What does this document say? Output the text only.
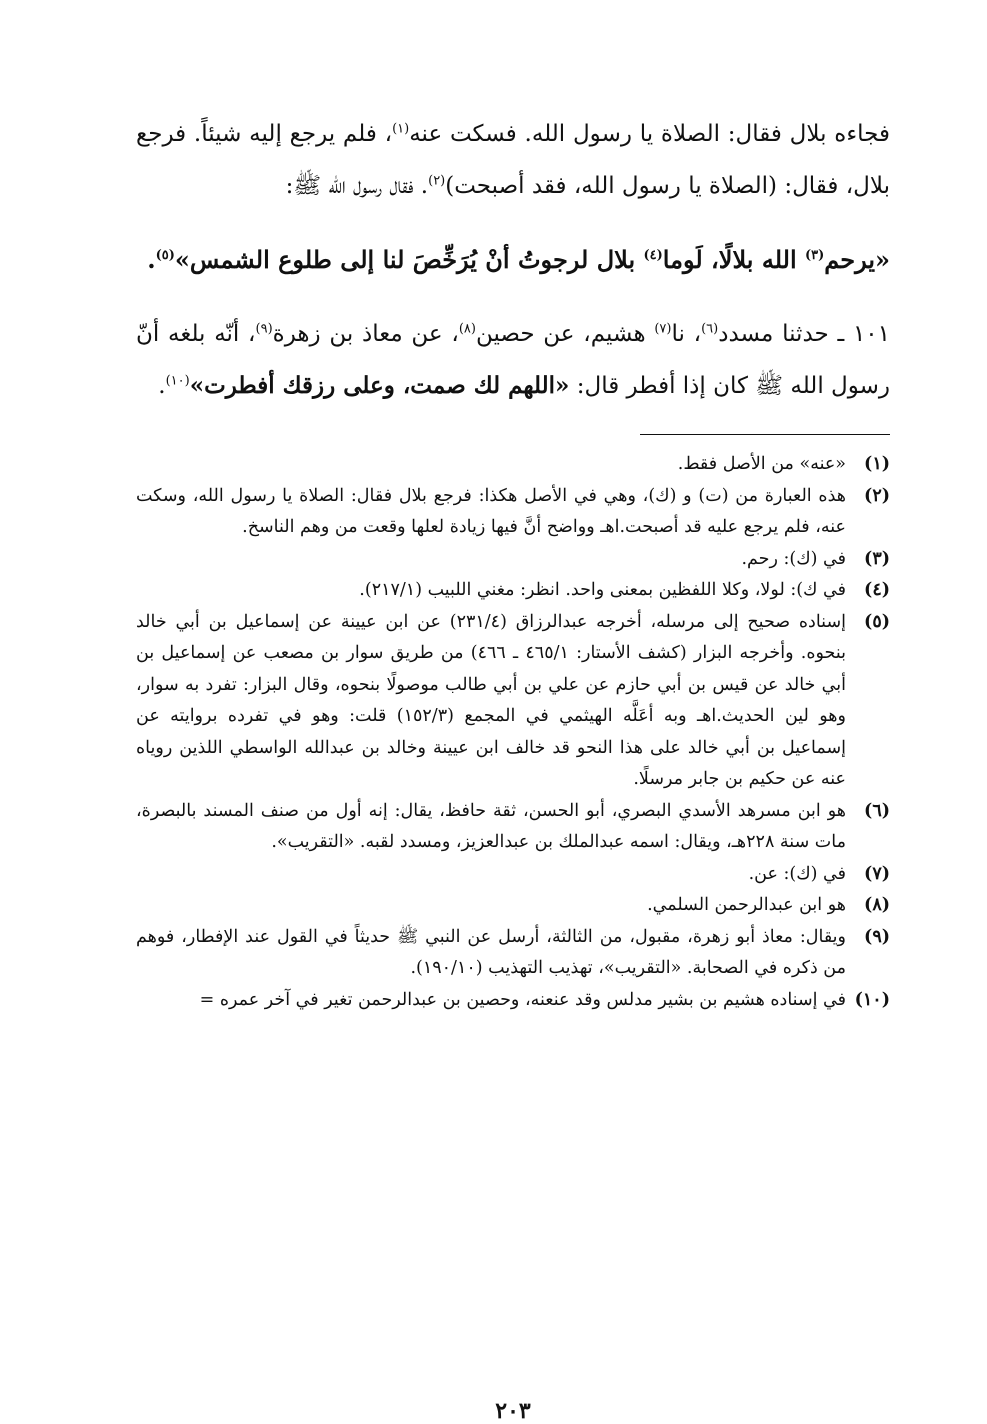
فجاءه بلال فقال: الصلاة يا رسول الله. فسكت عنه$^{(١)}$، فلم يرجع إليه شيئاً. فرجع بلال، فقال: (الصلاة يا رسول الله، فقد أصبحت)$^{(٢)}$. فقال رسول الله ﷺ:

«يرحم$^{(٣)}$ الله بلالًا، لَوما$^{(٤)}$ بلال لرجوتُ أنْ يُرَخِّصَ لنا إلى طلوع الشمس»$^{(٥)}$.

١٠١ ـ حدثنا مسدد$^{(٦)}$، نا$^{(٧)}$ هشيم، عن حصين$^{(٨)}$، عن معاذ بن زهرة$^{(٩)}$، أنّه بلغه أنّ رسول الله ﷺ كان إذا أفطر قال: «اللهم لك صمت، وعلى رزقك أفطرت»$^{(١٠)}$.

(١)
«عنه» من الأصل فقط.
(٢)
هذه العبارة من (ت) و (ك)، وهي في الأصل هكذا: فرجع بلال فقال: الصلاة يا رسول الله، وسكت عنه، فلم يرجع عليه قد أصبحت.اهـ وواضح أنَّ فيها زيادة لعلها وقعت من وهم الناسخ.
(٣)
في (ك): رحم.
(٤)
في ك): لولا، وكلا اللفظين بمعنى واحد. انظر: مغني اللبيب (٢١٧/١).
(٥)
إسناده صحيح إلى مرسله، أخرجه عبدالرزاق (٢٣١/٤) عن ابن عيينة عن إسماعيل بن أبي خالد بنحوه. وأخرجه البزار (كشف الأستار: ٤٦٥/١ ـ ٤٦٦) من طريق سوار بن مصعب عن إسماعيل بن أبي خالد عن قيس بن أبي حازم عن علي بن أبي طالب موصولًا بنحوه، وقال البزار: تفرد به سوار، وهو لين الحديث.اهـ وبه أعَلَّه الهيثمي في المجمع (١٥٢/٣) قلت: وهو في تفرده بروايته عن إسماعيل بن أبي خالد على هذا النحو قد خالف ابن عيينة وخالد بن عبدالله الواسطي اللذين روياه عنه عن حكيم بن جابر مرسلًا.
(٦)
هو ابن مسرهد الأسدي البصري، أبو الحسن، ثقة حافظ، يقال: إنه أول من صنف المسند بالبصرة، مات سنة ٢٢٨هـ، ويقال: اسمه عبدالملك بن عبدالعزيز، ومسدد لقبه. «التقريب».
(٧)
في (ك): عن.
(٨)
هو ابن عبدالرحمن السلمي.
(٩)
ويقال: معاذ أبو زهرة، مقبول، من الثالثة، أرسل عن النبي ﷺ حديثاً في القول عند الإفطار، فوهم من ذكره في الصحابة. «التقريب»، تهذيب التهذيب (١٩٠/١٠).
(١٠)
في إسناده هشيم بن بشير مدلس وقد عنعنه، وحصين بن عبدالرحمن تغير في آخر عمره =
٢٠٣
